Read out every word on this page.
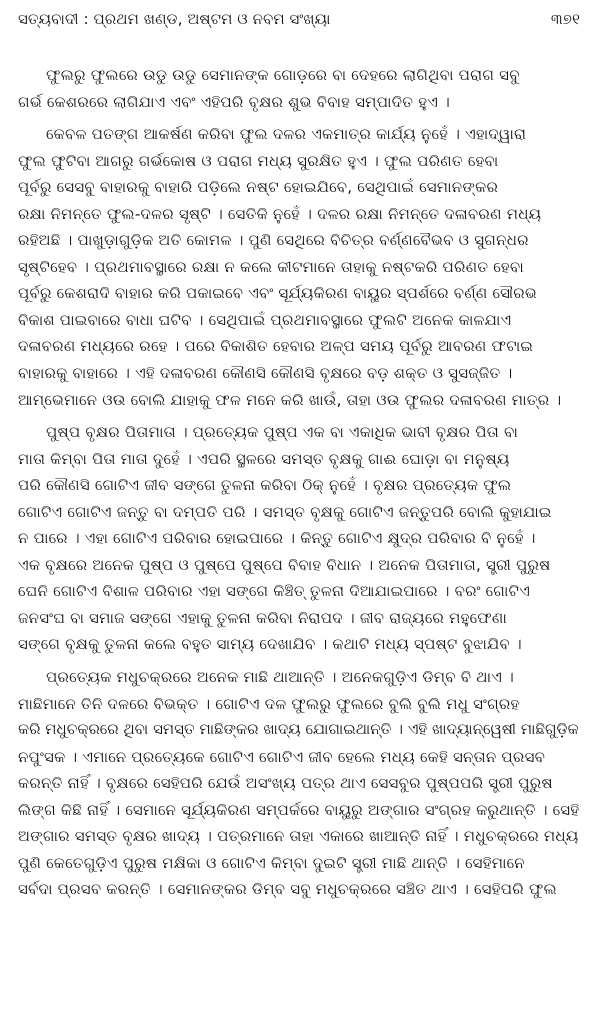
ସତ୍ୟବାଦୀ : ପ୍ରଥମ ଖଣ୍ଡ, ଅଷ୍ଟମ ଓ ନବମ ସଂଖ୍ୟା	୩୭୧
ଫୁଲରୁ ଫୁଲରେ ଉଡୁ ଉଡୁ ସେମାନଙ୍କ ଗୋଡ଼ରେ ବା ଦେହରେ ଲାଗିଥିବା ପରାଗ ସବୁ
ଗର୍ଭ କେଶରରେ ଲାଗିଯାଏ ଏବଂ ଏହିପରି ବୃକ୍ଷର ଶୁଭ ବିବାହ ସମ୍ପାଦିତ ହୁଏ ।
କେବଳ ପତଙ୍ଗ ଆକର୍ଷଣ କରିବା ଫୁଲ ଦଳର ଏକମାତ୍ର କାର୍ଯ୍ୟ ନୁହେଁ । ଏହାଦ୍ୱାରା
ଫୁଲ ଫୁଟିବା ଆଗରୁ ଗର୍ଭକୋଷ ଓ ପରାଗ ମଧ୍ୟ ସୁରକ୍ଷିତ ହୁଏ । ଫୁଲ ପରିଣତ ହେବା
ପୂର୍ବରୁ ସେସବୁ ବାହାରକୁ ବାହାରି ପଡ଼ିଲେ ନଷ୍ଟ ହୋଇଯିବେ, ସେଥିପାଇଁ ସେମାନଙ୍କର
ରକ୍ଷା ନିମନ୍ତେ ଫୁଲ-ଦଳର ସୃଷ୍ଟି । ସେତିକି ନୁହେଁ । ଦଳର ରକ୍ଷା ନିମନ୍ତେ ଦଳାବରଣ ମଧ୍ୟ
ରହିଅଛି । ପାଖୁଡ଼ାଗୁଡ଼ିକ ଅତି କୋମଳ । ପୁଣି ସେଥିରେ ବିଚିତ୍ର ବର୍ଣ୍ଣବୈଭବ ଓ ସୁଗନ୍ଧର
ସୃଷ୍ଟିହେବ । ପ୍ରଥମାବସ୍ଥାରେ ରକ୍ଷା ନ କଲେ କୀଟମାନେ ତାହାକୁ ନଷ୍ଟକରି ପରିଣତ ହେବା
ପୂର୍ବରୁ କେଶରାଦି ବାହାର କରି ପକାଇବେ ଏବଂ ସୂର୍ଯ୍ୟକିରଣ ବାୟୁର ସ୍ପର୍ଶରେ ବର୍ଣ୍ଣ ସୌରଭ
ବିକାଶ ପାଇବାରେ ବାଧା ଘଟିବ । ସେଥିପାଇଁ ପ୍ରଥମାବସ୍ଥାରେ ଫୁଲଟି ଅନେକ କାଳଯାଏ
ଦଳାବରଣ ମଧ୍ୟରେ ରହେ । ପରେ ବିକାଶିତ ହେବାର ଅଳ୍ପ ସମୟ ପୂର୍ବରୁ ଆବରଣ ଫଟାଇ
ବାହାରକୁ ବାହାରେ । ଏହି ଦଳାବରଣ କୌଣସି କୌଣସି ବୃକ୍ଷରେ ବଡ଼ ଶକ୍ତ ଓ ସୁସଜ୍ଜିତ ।
ଆମ୍ଭେମାନେ ଓଉ ବୋଲି ଯାହାକୁ ଫଳ ମନେ କରି ଖାଉଁ, ତାହା ଓଉ ଫୁଲର ଦଳାବରଣ ମାତ୍ର ।
ପୁଷ୍ପ ବୃକ୍ଷର ପିତାମାତା । ପ୍ରତ୍ୟେକ ପୁଷ୍ପ ଏକ ବା ଏକାଧିକ ଭାବୀ ବୃକ୍ଷର ପିତା ବା
ମାତା କିମ୍ବା ପିତା ମାତା ଦୁହେଁ । ଏପରି ସ୍ଥଳରେ ସମସ୍ତ ବୃକ୍ଷକୁ ଗାଈ ଘୋଡ଼ା ବା ମନୁଷ୍ୟ
ପରି କୌଣସି ଗୋଟିଏ ଜୀବ ସଙ୍ଗେ ତୁଳନା କରିବା ଠିକ୍ ନୁହେଁ । ବୃକ୍ଷର ପ୍ରତ୍ୟେକ ଫୁଲ
ଗୋଟିଏ ଗୋଟିଏ ଜନ୍ତୁ ବା ଦମ୍ପତି ପରି । ସମସ୍ତ ବୃକ୍ଷକୁ ଗୋଟିଏ ଜନ୍ତୁପରି ବୋଲି କୁହାଯାଇ
ନ ପାରେ । ଏହା ଗୋଟିଏ ପରିବାର ହୋଇପାରେ । କିନ୍ତୁ ଗୋଟିଏ କ୍ଷୁଦ୍ର ପରିବାର ବି ନୁହେଁ ।
ଏକ ବୃକ୍ଷରେ ଅନେକ ପୁଷ୍ପ ଓ ପୁଷ୍ପେ ପୁଷ୍ପେ ବିବାହ ବିଧାନ । ଅନେକ ପିତାମାତା, ସ୍ତ୍ରୀ ପୁରୁଷ
ଘେନି ଗୋଟିଏ ବିଶାଳ ପରିବାର ଏହା ସଙ୍ଗେ କିଞ୍ଚିତ୍ ତୁଳନା ଦିଆଯାଇପାରେ । ବରଂ ଗୋଟିଏ
ଜନସଂଘ ବା ସମାଜ ସଙ୍ଗେ ଏହାକୁ ତୁଳନା କରିବା ନିରାପଦ । ଜୀବ ରାଜ୍ୟରେ ମହୁଫେଣା
ସଙ୍ଗେ ବୃକ୍ଷକୁ ତୁଳନା କଲେ ବହୁତ ସାମ୍ୟ ଦେଖାଯିବ । କଥାଟି ମଧ୍ୟ ସ୍ପଷ୍ଟ ବୁଝାଯିବ ।
ପ୍ରତ୍ୟେକ ମଧୁଚକ୍ରରେ ଅନେକ ମାଛି ଥାଆନ୍ତି । ଅନେକଗୁଡ଼ିଏ ଡିମ୍ବ ବି ଥାଏ ।
ମାଛିମାନେ ତିନି ଦଳରେ ବିଭକ୍ତ । ଗୋଟିଏ ଦଳ ଫୁଲରୁ ଫୁଲରେ ବୁଲି ବୁଲି ମଧୁ ସଂଗ୍ରହ
କରି ମଧୁଚକ୍ରରେ ଥିବା ସମସ୍ତ ମାଛିଙ୍କର ଖାଦ୍ୟ ଯୋଗାଇଥାନ୍ତି । ଏହି ଖାଦ୍ୟାନ୍ୱେଷୀ ମାଛିଗୁଡ଼ିକ
ନପୁଂସକ । ଏମାନେ ପ୍ରତ୍ୟେକେ ଗୋଟିଏ ଗୋଟିଏ ଜୀବ ହେଲେ ମଧ୍ୟ କେହି ସନ୍ତାନ ପ୍ରସବ
କରନ୍ତି ନାହିଁ । ବୃକ୍ଷରେ ସେହିପରି ଯେଉଁ ଅସଂଖ୍ୟ ପତ୍ର ଥାଏ ସେସବୁର ପୁଷ୍ପପରି ସ୍ତ୍ରୀ ପୁରୁଷ
ଲିଙ୍ଗ କିଛି ନାହିଁ । ସେମାନେ ସୂର୍ଯ୍ୟକିରଣ ସମ୍ପର୍କରେ ବାୟୁରୁ ଅଙ୍ଗାର ସଂଗ୍ରହ କରୁଥାନ୍ତି । ସେହି
ଅଙ୍ଗାର ସମସ୍ତ ବୃକ୍ଷର ଖାଦ୍ୟ । ପତ୍ରମାନେ ତାହା ଏକାରେ ଖାଆନ୍ତି ନାହିଁ । ମଧୁଚକ୍ରରେ ମଧ୍ୟ
ପୁଣି କେତେଗୁଡ଼ିଏ ପୁରୁଷ ମକ୍ଷିକା ଓ ଗୋଟିଏ କିମ୍ବା ଦୁଇଟି ସ୍ତ୍ରୀ ମାଛି ଥାନ୍ତି । ସେହିମାନେ
ସର୍ବଦା ପ୍ରସବ କରନ୍ତି । ସେମାନଙ୍କର ଡିମ୍ବ ସବୁ ମଧୁଚକ୍ରରେ ସଞ୍ଚିତ ଥାଏ । ସେହିପରି ଫୁଲ
